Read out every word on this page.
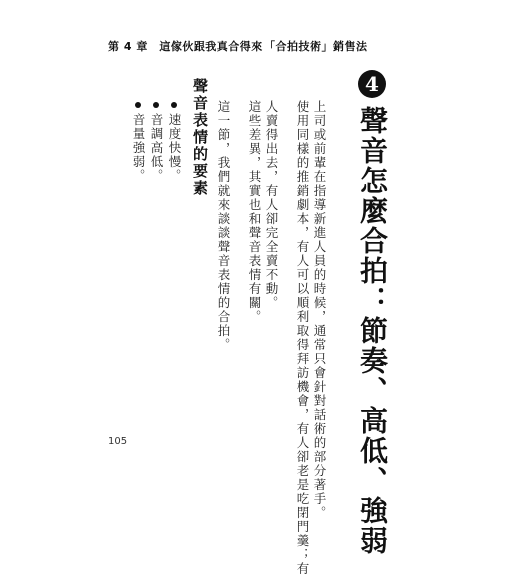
第 4 章　這傢伙跟我真合得來 「合拍技術」銷售法
4
聲音怎麼合拍：節奏、高低、強弱
上司或前輩在指導新進人員的時候，通常只會針對話術的部分著手。
使用同樣的推銷劇本，有人可以順利取得拜訪機會，有人卻老是吃閉門羹；有
人賣得出去，有人卻完全賣不動。
這些差異，其實也和聲音表情有關。
這一節，我們就來談談聲音表情的合拍。
聲音表情的要素
速度快慢。
音調高低。
音量強弱。
105
